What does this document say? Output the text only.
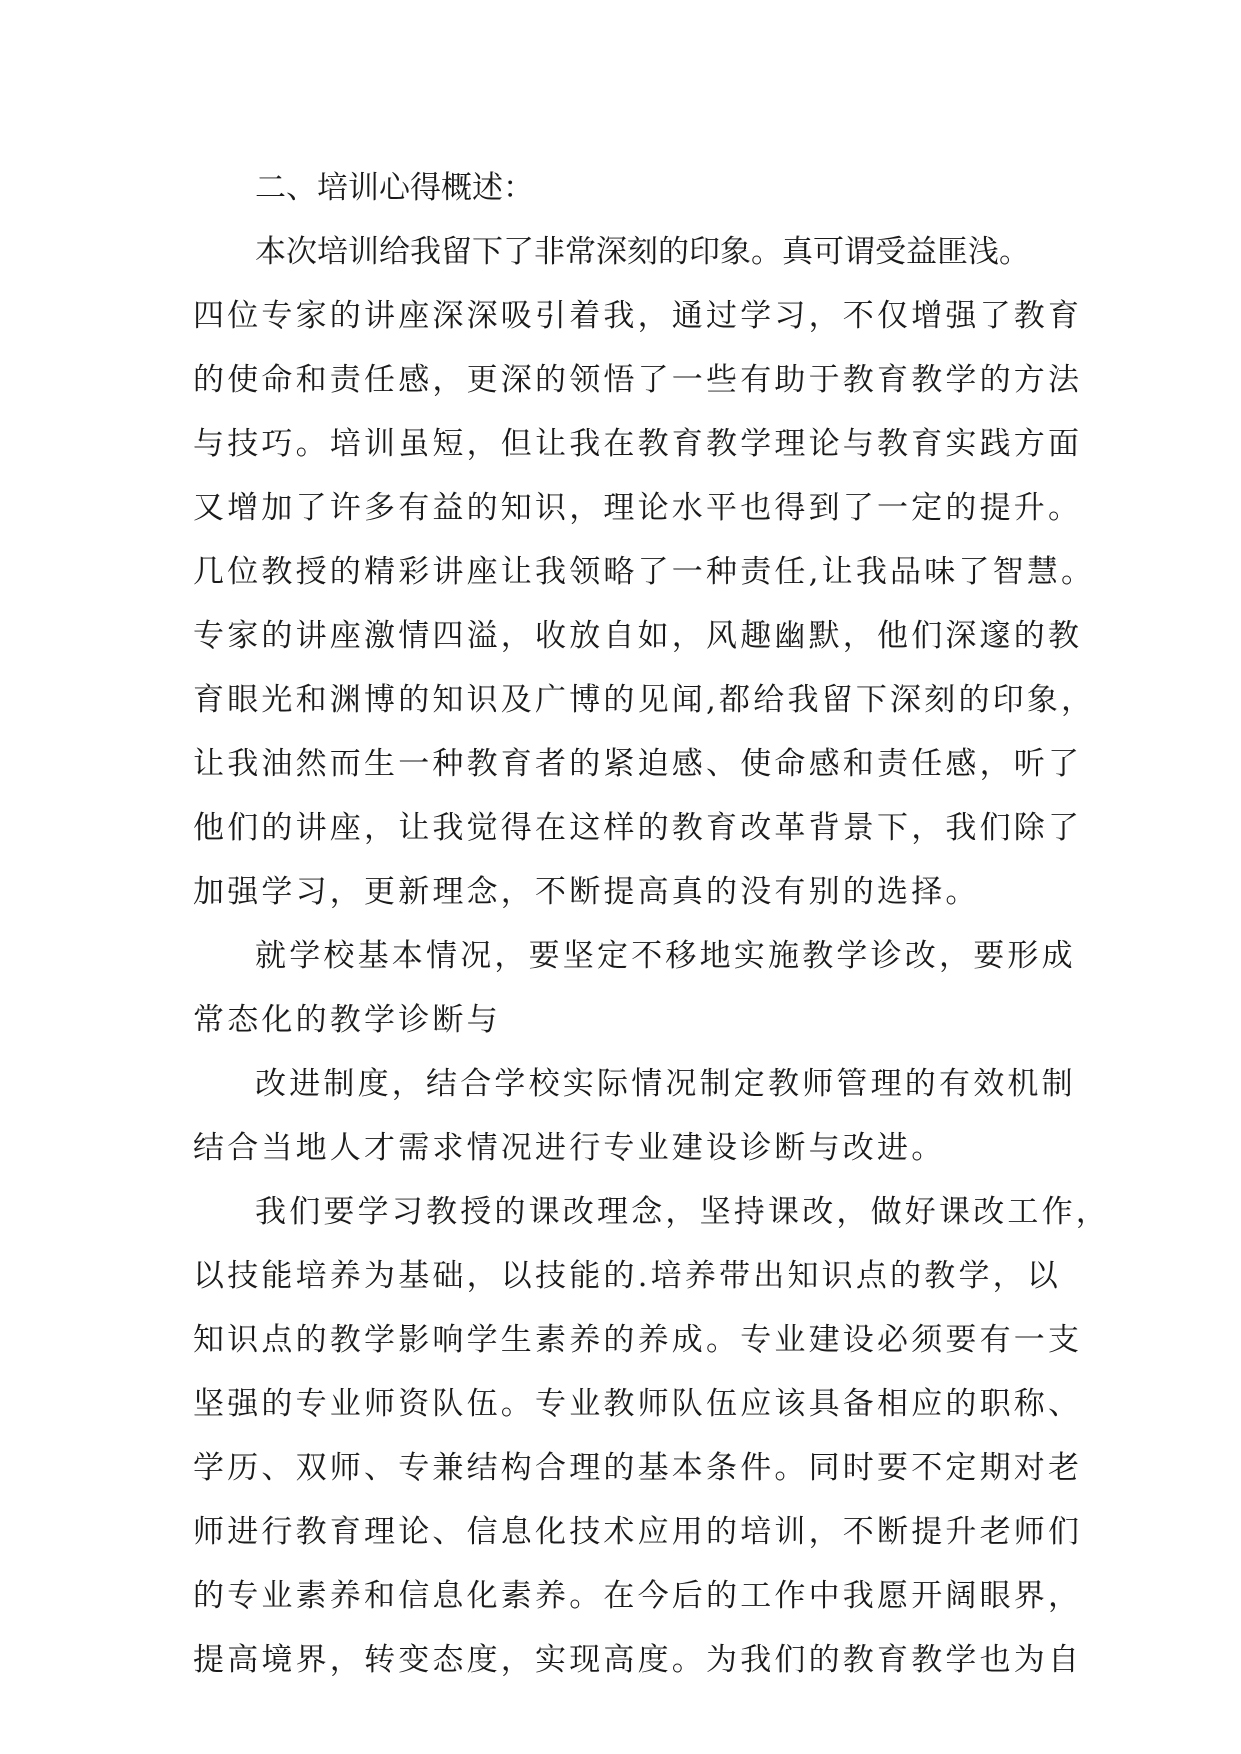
二、培训心得概述：
本次培训给我留下了非常深刻的印象。真可谓受益匪浅。
四位专家的讲座深深吸引着我，通过学习，不仅增强了教育
的使命和责任感，更深的领悟了一些有助于教育教学的方法
与技巧。培训虽短，但让我在教育教学理论与教育实践方面
又增加了许多有益的知识，理论水平也得到了一定的提升。
几位教授的精彩讲座让我领略了一种责任,让我品味了智慧。
专家的讲座激情四溢，收放自如，风趣幽默，他们深邃的教
育眼光和渊博的知识及广博的见闻,都给我留下深刻的印象，
让我油然而生一种教育者的紧迫感、使命感和责任感，听了
他们的讲座，让我觉得在这样的教育改革背景下，我们除了
加强学习，更新理念，不断提高真的没有别的选择。
就学校基本情况，要坚定不移地实施教学诊改，要形成
常态化的教学诊断与
改进制度，结合学校实际情况制定教师管理的有效机制
结合当地人才需求情况进行专业建设诊断与改进。
我们要学习教授的课改理念，坚持课改，做好课改工作，
以技能培养为基础，以技能的.培养带出知识点的教学，以
知识点的教学影响学生素养的养成。专业建设必须要有一支
坚强的专业师资队伍。专业教师队伍应该具备相应的职称、
学历、双师、专兼结构合理的基本条件。同时要不定期对老
师进行教育理论、信息化技术应用的培训，不断提升老师们
的专业素养和信息化素养。在今后的工作中我愿开阔眼界，
提高境界，转变态度，实现高度。为我们的教育教学也为自
